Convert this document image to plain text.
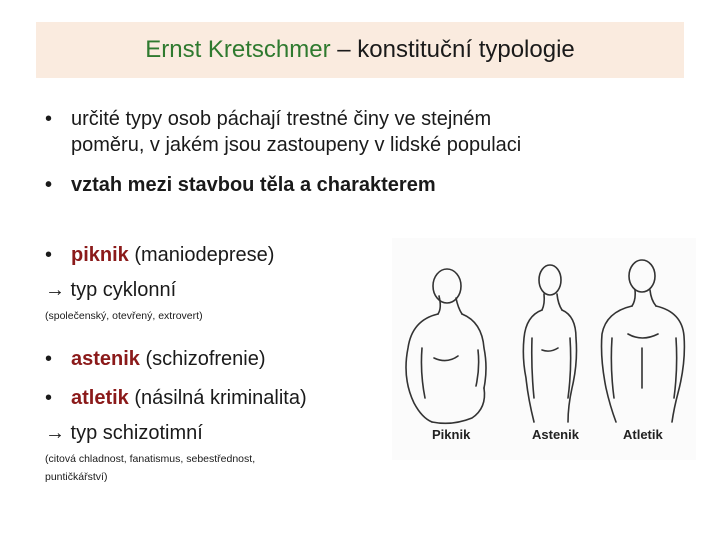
Ernst Kretschmer – konstituční typologie
• určité typy osob páchají trestné činy ve stejném
poměru, v jakém jsou zastoupeny v lidské populaci
• vztah mezi stavbou těla a charakterem
• piknik (maniodeprese)
→ typ cyklonní
(společenský, otevřený, extrovert)
• astenik (schizofrenie)
• atletik (násilná kriminalita)
→ typ schizotimní
(citová chladnost, fanatismus, sebestřednost,
puntičkářství)
Piknik	Astenik	Atletik
